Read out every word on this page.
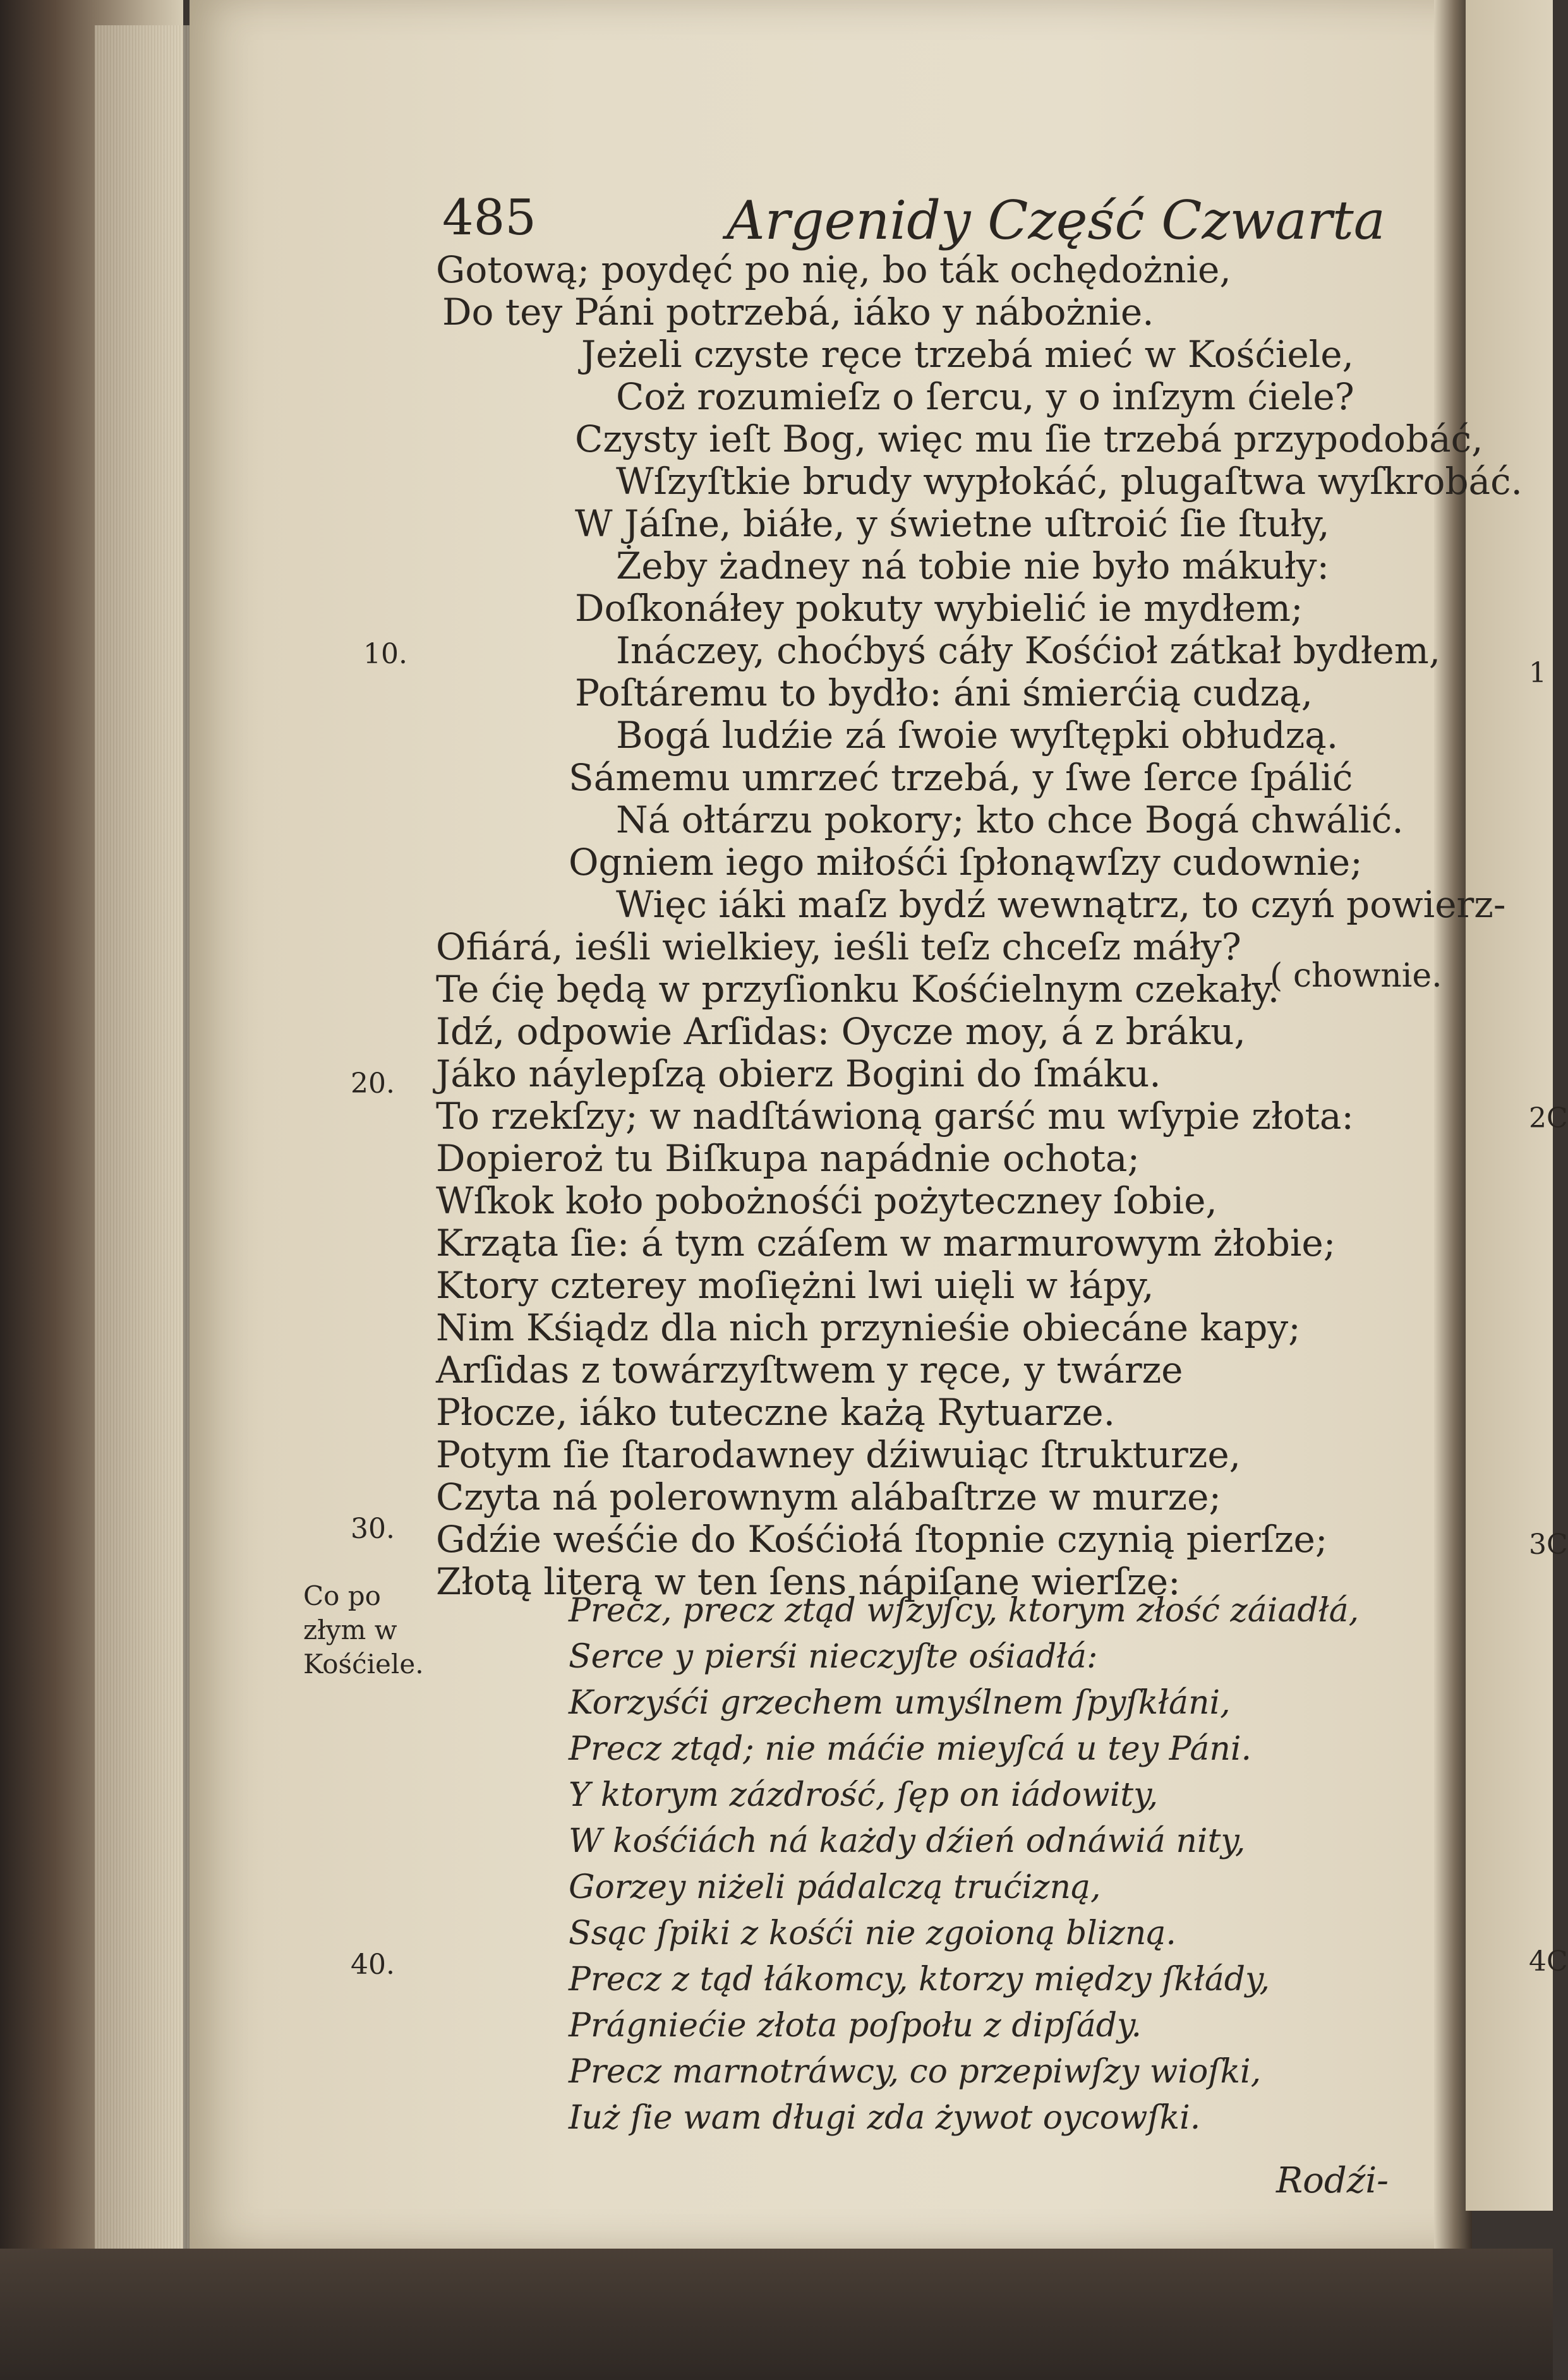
485	Argenidy Część Czwarta
Gotową; poydęć po nię, bo ták ochędożnie,
Do tey Páni potrzebá, iáko y nábożnie.
Jeżeli czyste ręce trzebá mieć w Kośćiele,
Coż rozumieſz o ſercu, y o inſzym ćiele?
Czysty ieſt Bog, więc mu ſie trzebá przypodobáć,
Wſzyſtkie brudy wypłokáć, plugaſtwa wyſkrobáć.
W Jáſne, biáłe, y świetne uſtroić ſie ſtuły,
Żeby żadney ná tobie nie było mákuły:
Doſkonáłey pokuty wybielić ie mydłem;
Ináczey, choćbyś cáły Kośćioł zátkał bydłem,
Poſtáremu to bydło: áni śmierćią cudzą,
Bogá ludźie zá ſwoie wyſtępki obłudzą.
Sámemu umrzeć trzebá, y ſwe ſerce ſpálić
Ná ołtárzu pokory; kto chce Bogá chwálić.
Ogniem iego miłośći ſpłonąwſzy cudownie;
Więc iáki maſz bydź wewnątrz, to czyń powierz-
Ofiárá, ieśli wielkiey, ieśli teſz chceſz máły?
Te ćię będą w przyſionku Kośćielnym czekały.
Idź, odpowie Arſidas: Oycze moy, á z bráku,
Jáko náylepſzą obierz Bogini do ſmáku.
To rzekſzy; w nadſtáwioną garść mu wſypie złota:
Dopieroż tu Biſkupa napádnie ochota;
Wſkok koło pobożnośći pożyteczney ſobie,
Krząta ſie: á tym czáſem w marmurowym żłobie;
Ktory czterey moſiężni lwi uięli w łápy,
Nim Kśiądz dla nich przynieśie obiecáne kapy;
Arſidas z towárzyſtwem y ręce, y twárze
Płocze, iáko tuteczne każą Rytuarze.
Potym ſie ſtarodawney dźiwuiąc ſtrukturze,
Czyta ná polerownym alábaſtrze w murze;
Gdźie weśćie do Kośćiołá ſtopnie czynią pierſze;
Złotą literą w ten ſens nápiſane wierſze:
( chownie.
Precz, precz ztąd wſzyſcy, ktorym złość záiadłá,
Serce y pierśi nieczyſte ośiadłá:
Korzyśći grzechem umyślnem ſpyſkłáni,
Precz ztąd; nie máćie mieyſcá u tey Páni.
Y ktorym zázdrość, ſęp on iádowity,
W kośćiách ná każdy dźień odnáwiá nity,
Gorzey niżeli pádalczą trućizną,
Ssąc ſpiki z kośći nie zgoioną blizną.
Precz z tąd łákomcy, ktorzy między ſkłády,
Prágniećie złota poſpołu z dipſády.
Precz marnotráwcy, co przepiwſzy wioſki,
Iuż ſie wam długi zda żywot oycowſki.
10.
20.
30.
40.
Co po
złym w
Kośćiele.
Rodźi-
1
2C
3C
4C
